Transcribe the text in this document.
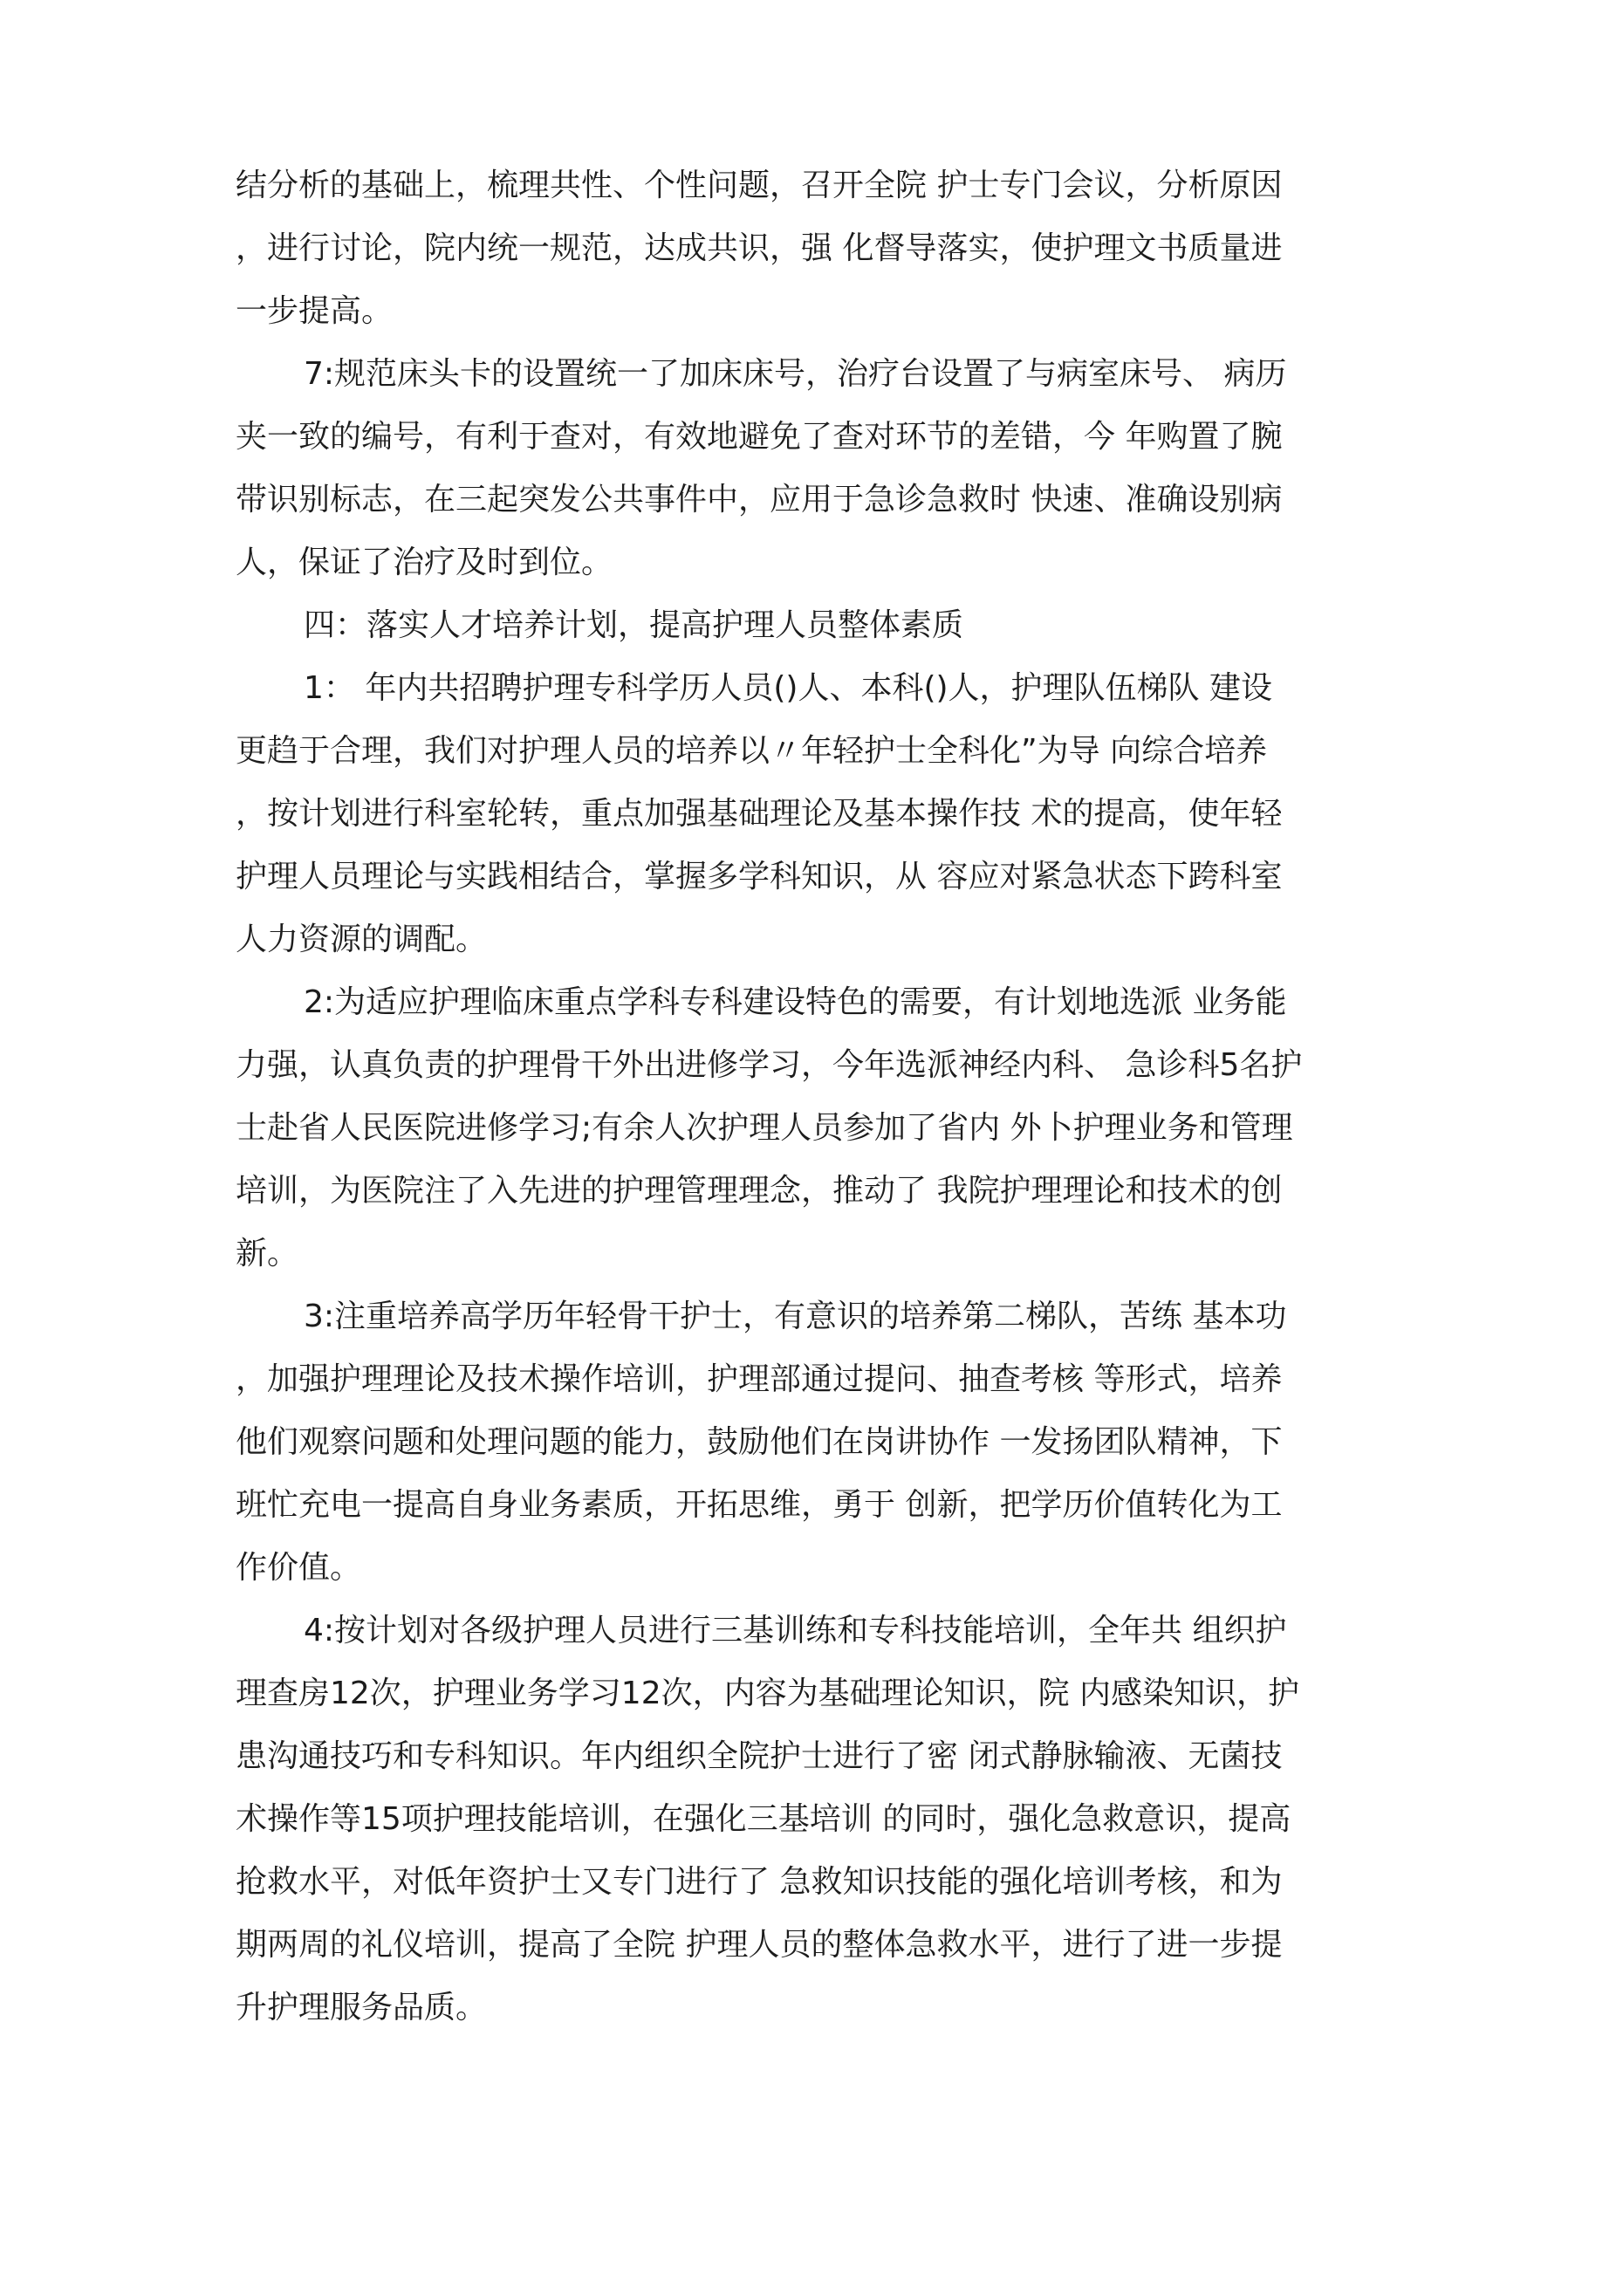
结分析的基础上，梳理共性、个性问题，召开全院 护士专门会议，分析原因
，进行讨论，院内统一规范，达成共识，强 化督导落实，使护理文书质量进
一步提高。
7:规范床头卡的设置统一了加床床号，治疗台设置了与病室床号、 病历
夹一致的编号，有利于查对，有效地避免了查对环节的差错，今 年购置了腕
带识别标志，在三起突发公共事件中，应用于急诊急救时 快速、准确设别病
人，保证了治疗及时到位。
四：落实人才培养计划，提高护理人员整体素质
1： 年内共招聘护理专科学历人员()人、本科()人，护理队伍梯队 建设
更趋于合理，我们对护理人员的培养以〃年轻护士全科化”为导 向综合培养
，按计划进行科室轮转，重点加强基础理论及基本操作技 术的提高，使年轻
护理人员理论与实践相结合，掌握多学科知识，从 容应对紧急状态下跨科室
人力资源的调配。
2:为适应护理临床重点学科专科建设特色的需要，有计划地选派 业务能
力强，认真负责的护理骨干外出进修学习，今年选派神经内科、 急诊科5名护
士赴省人民医院进修学习;有余人次护理人员参加了省内 外卜护理业务和管理
培训，为医院注了入先进的护理管理理念，推动了 我院护理理论和技术的创
新。
3:注重培养高学历年轻骨干护士，有意识的培养第二梯队，苦练 基本功
，加强护理理论及技术操作培训，护理部通过提问、抽查考核 等形式，培养
他们观察问题和处理问题的能力，鼓励他们在岗讲协作 一发扬团队精神，下
班忙充电一提高自身业务素质，开拓思维，勇于 创新，把学历价值转化为工
作价值。
4:按计划对各级护理人员进行三基训练和专科技能培训，全年共 组织护
理查房12次，护理业务学习12次，内容为基础理论知识，院 内感染知识，护
患沟通技巧和专科知识。年内组织全院护士进行了密 闭式静脉输液、无菌技
术操作等15项护理技能培训，在强化三基培训 的同时，强化急救意识，提高
抢救水平，对低年资护士又专门进行了 急救知识技能的强化培训考核，和为
期两周的礼仪培训，提高了全院 护理人员的整体急救水平，进行了进一步提
升护理服务品质。
